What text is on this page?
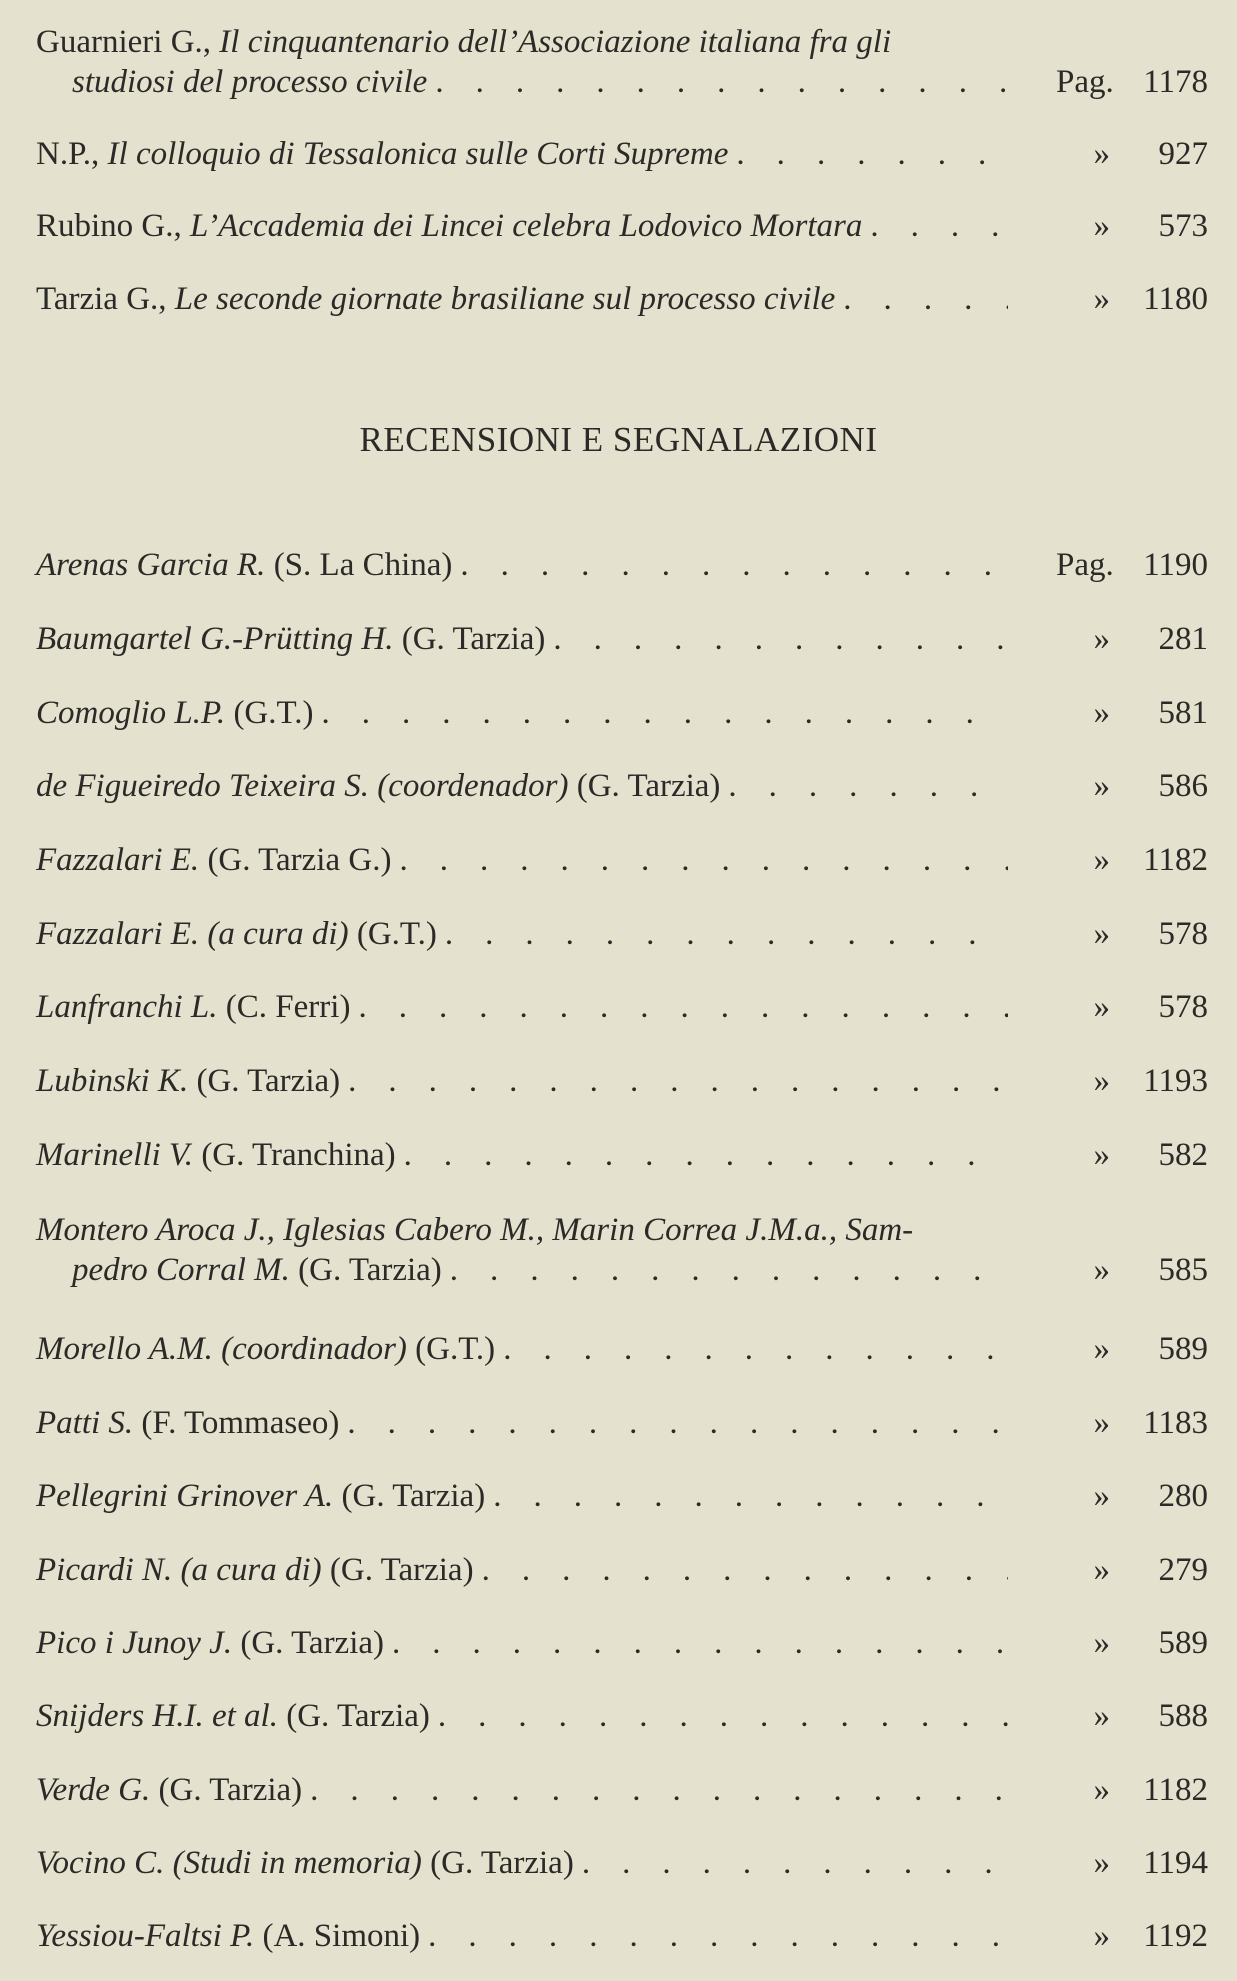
Guarnieri G., Il cinquantenario dell’Associazione italiana fra gli
studiosi del processo civile . . .	Pag. 1178
N.P., Il colloquio di Tessalonica sulle Corti Supreme . . .	»	927
Rubino G., L’Accademia dei Lincei celebra Lodovico Mortara . . .	»	573
Tarzia G., Le seconde giornate brasiliane sul processo civile . . .	»	1180
RECENSIONI E SEGNALAZIONI
Arenas Garcia R. (S. La China) . . .	Pag. 1190
Baumgartel G.-Prütting H. (G. Tarzia) . . .	»	281
Comoglio L.P. (G.T.) . . .	»	581
de Figueiredo Teixeira S. (coordenador) (G. Tarzia) . . .	»	586
Fazzalari E. (G. Tarzia G.) . . .	»	1182
Fazzalari E. (a cura di) (G.T.) . . .	»	578
Lanfranchi L. (C. Ferri) . . .	»	578
Lubinski K. (G. Tarzia) . . .	»	1193
Marinelli V. (G. Tranchina) . . .	»	582
Montero Aroca J., Iglesias Cabero M., Marin Correa J.M.a., Sam-
pedro Corral M. (G. Tarzia) . . .	»	585
Morello A.M. (coordinador) (G.T.) . . .	»	589
Patti S. (F. Tommaseo) . . .	»	1183
Pellegrini Grinover A. (G. Tarzia) . . .	»	280
Picardi N. (a cura di) (G. Tarzia) . . .	»	279
Pico i Junoy J. (G. Tarzia) . . .	»	589
Snijders H.I. et al. (G. Tarzia) . . .	»	588
Verde G. (G. Tarzia) . . .	»	1182
Vocino C. (Studi in memoria) (G. Tarzia) . . .	»	1194
Yessiou-Faltsi P. (A. Simoni) . . .	»	1192
